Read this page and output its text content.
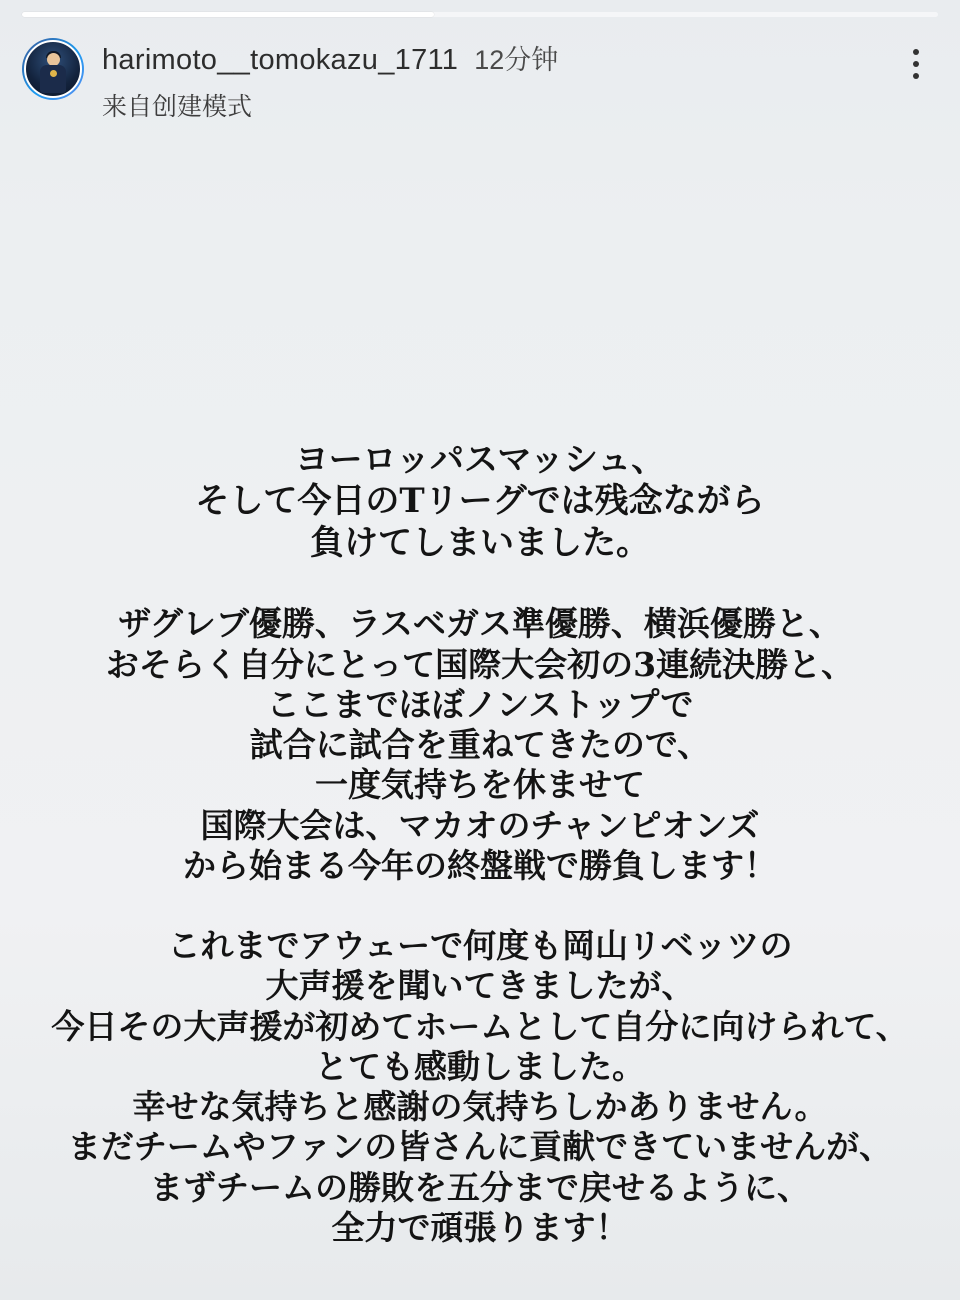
harimoto__tomokazu_1711 12分钟
来自创建模式
ヨーロッパスマッシュ、
そして今日のTリーグでは残念ながら
負けてしまいました。
ザグレブ優勝、ラスベガス準優勝、横浜優勝と、
おそらく自分にとって国際大会初の3連続決勝と、
ここまでほぼノンストップで
試合に試合を重ねてきたので、
一度気持ちを休ませて
国際大会は、マカオのチャンピオンズ
から始まる今年の終盤戦で勝負します！
これまでアウェーで何度も岡山リベッツの
大声援を聞いてきましたが、
今日その大声援が初めてホームとして自分に向けられて、
とても感動しました。
幸せな気持ちと感謝の気持ちしかありません。
まだチームやファンの皆さんに貢献できていませんが、
まずチームの勝敗を五分まで戻せるように、
全力で頑張ります！
